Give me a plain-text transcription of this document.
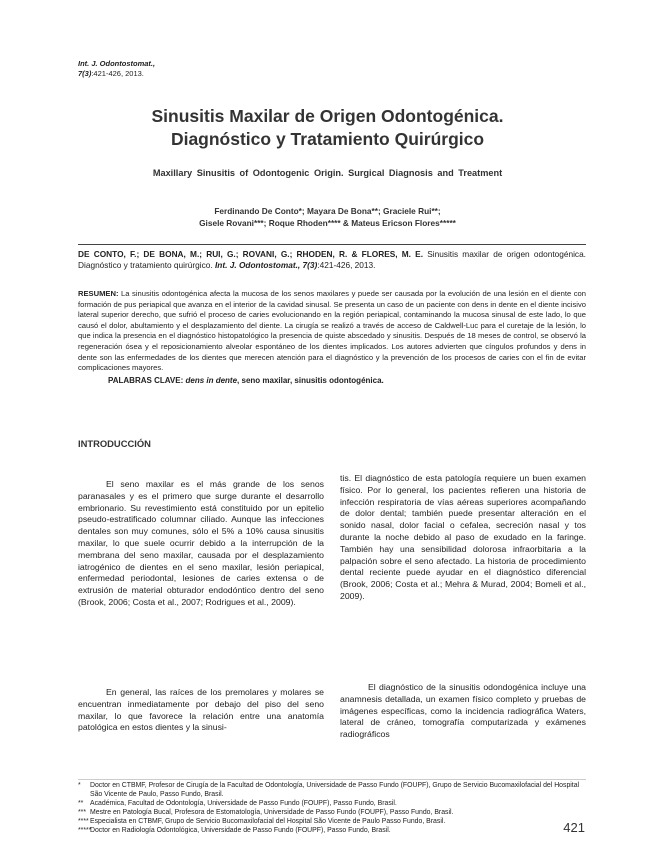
Int. J. Odontostomat.,
7(3):421-426, 2013.
Sinusitis Maxilar de Origen Odontogénica.
Diagnóstico y Tratamiento Quirúrgico
Maxillary Sinusitis of Odontogenic Origin. Surgical Diagnosis and Treatment
Ferdinando De Conto*; Mayara De Bona**; Graciele Rui**;
Gisele Rovani***; Roque Rhoden**** & Mateus Ericson Flores*****
DE CONTO, F.; DE BONA, M.; RUI, G.; ROVANI, G.; RHODEN, R. & FLORES, M. E. Sinusitis maxilar de origen odontogénica. Diagnóstico y tratamiento quirúrgico. Int. J. Odontostomat., 7(3):421-426, 2013.
RESUMEN: La sinusitis odontogénica afecta la mucosa de los senos maxilares y puede ser causada por la evolución de una lesión en el diente con formación de pus periapical que avanza en el interior de la cavidad sinusal. Se presenta un caso de un paciente con dens in dente en el diente incisivo lateral superior derecho, que sufrió el proceso de caries evolucionando en la región periapical, contaminando la mucosa sinusal de este lado, lo que causó el dolor, abultamiento y el desplazamiento del diente. La cirugía se realizó a través de acceso de Caldwell-Luc para el curetaje de la lesión, lo que indica la presencia en el diagnóstico histopatológico la presencia de quiste abscedado y sinusitis. Después de 18 meses de control, se observó la regeneración ósea y el reposicionamiento alveolar espontáneo de los dientes implicados. Los autores advierten que cíngulos profundos y dens in dente son las enfermedades de los dientes que merecen atención para el diagnóstico y la prevención de los procesos de caries con el fin de evitar complicaciones mayores.
PALABRAS CLAVE: dens in dente, seno maxilar, sinusitis odontogénica.
INTRODUCCIÓN

El seno maxilar es el más grande de los senos paranasales y es el primero que surge durante el desarrollo embrionario. Su revestimiento está constituido por un epitelio pseudo-estratificado columnar ciliado. Aunque las infecciones dentales son muy comunes, sólo el 5% a 10% causa sinusitis maxilar, lo que suele ocurrir debido a la interrupción de la membrana del seno maxilar, causada por el desplazamiento iatrogénico de dientes en el seno maxilar, lesión periapical, enfermedad periodontal, lesiones de caries extensa o de extrusión de material obturador endodóntico dentro del seno (Brook, 2006; Costa et al., 2007; Rodrigues et al., 2009).

En general, las raíces de los premolares y molares se encuentran inmediatamente por debajo del piso del seno maxilar, lo que favorece la relación entre una anatomía patológica en estos dientes y la sinusi-

tis. El diagnóstico de esta patología requiere un buen examen físico. Por lo general, los pacientes refieren una historia de infección respiratoria de vías aéreas superiores acompañando de dolor dental; también puede presentar alteración en el sonido nasal, dolor facial o cefalea, secreción nasal y tos durante la noche debido al paso de exudado en la faringe. También hay una sensibilidad dolorosa infraorbitaria a la palpación sobre el seno afectado. La historia de procedimiento dental reciente puede ayudar en el diagnóstico diferencial (Brook, 2006; Costa et al.; Mehra & Murad, 2004; Bomeli et al., 2009).

El diagnóstico de la sinusitis odondogénica incluye una anamnesis detallada, un examen físico completo y pruebas de imágenes específicas, como la incidencia radiográfica Waters, lateral de cráneo, tomografía computarizada y exámenes radiográficos

*	Doctor en CTBMF, Profesor de Cirugía de la Facultad de Odontología, Universidade de Passo Fundo (FOUPF), Grupo de Servicio Bucomaxilofacial del Hospital São Vicente de Paulo, Passo Fundo, Brasil.
** Académica, Facultad de Odontología, Universidade de Passo Fundo (FOUPF), Passo Fundo, Brasil.
*** Mestre en Patología Bucal, Profesora de Estomatología, Universidade de Passo Fundo (FOUPF), Passo Fundo, Brasil.
**** Especialista en CTBMF, Grupo de Servicio Bucomaxilofacial del Hospital São Vicente de Paulo Passo Fundo, Brasil.
*****
Doctor en Radiología Odontológica, Universidade de Passo Fundo (FOUPF), Passo Fundo, Brasil.	421
